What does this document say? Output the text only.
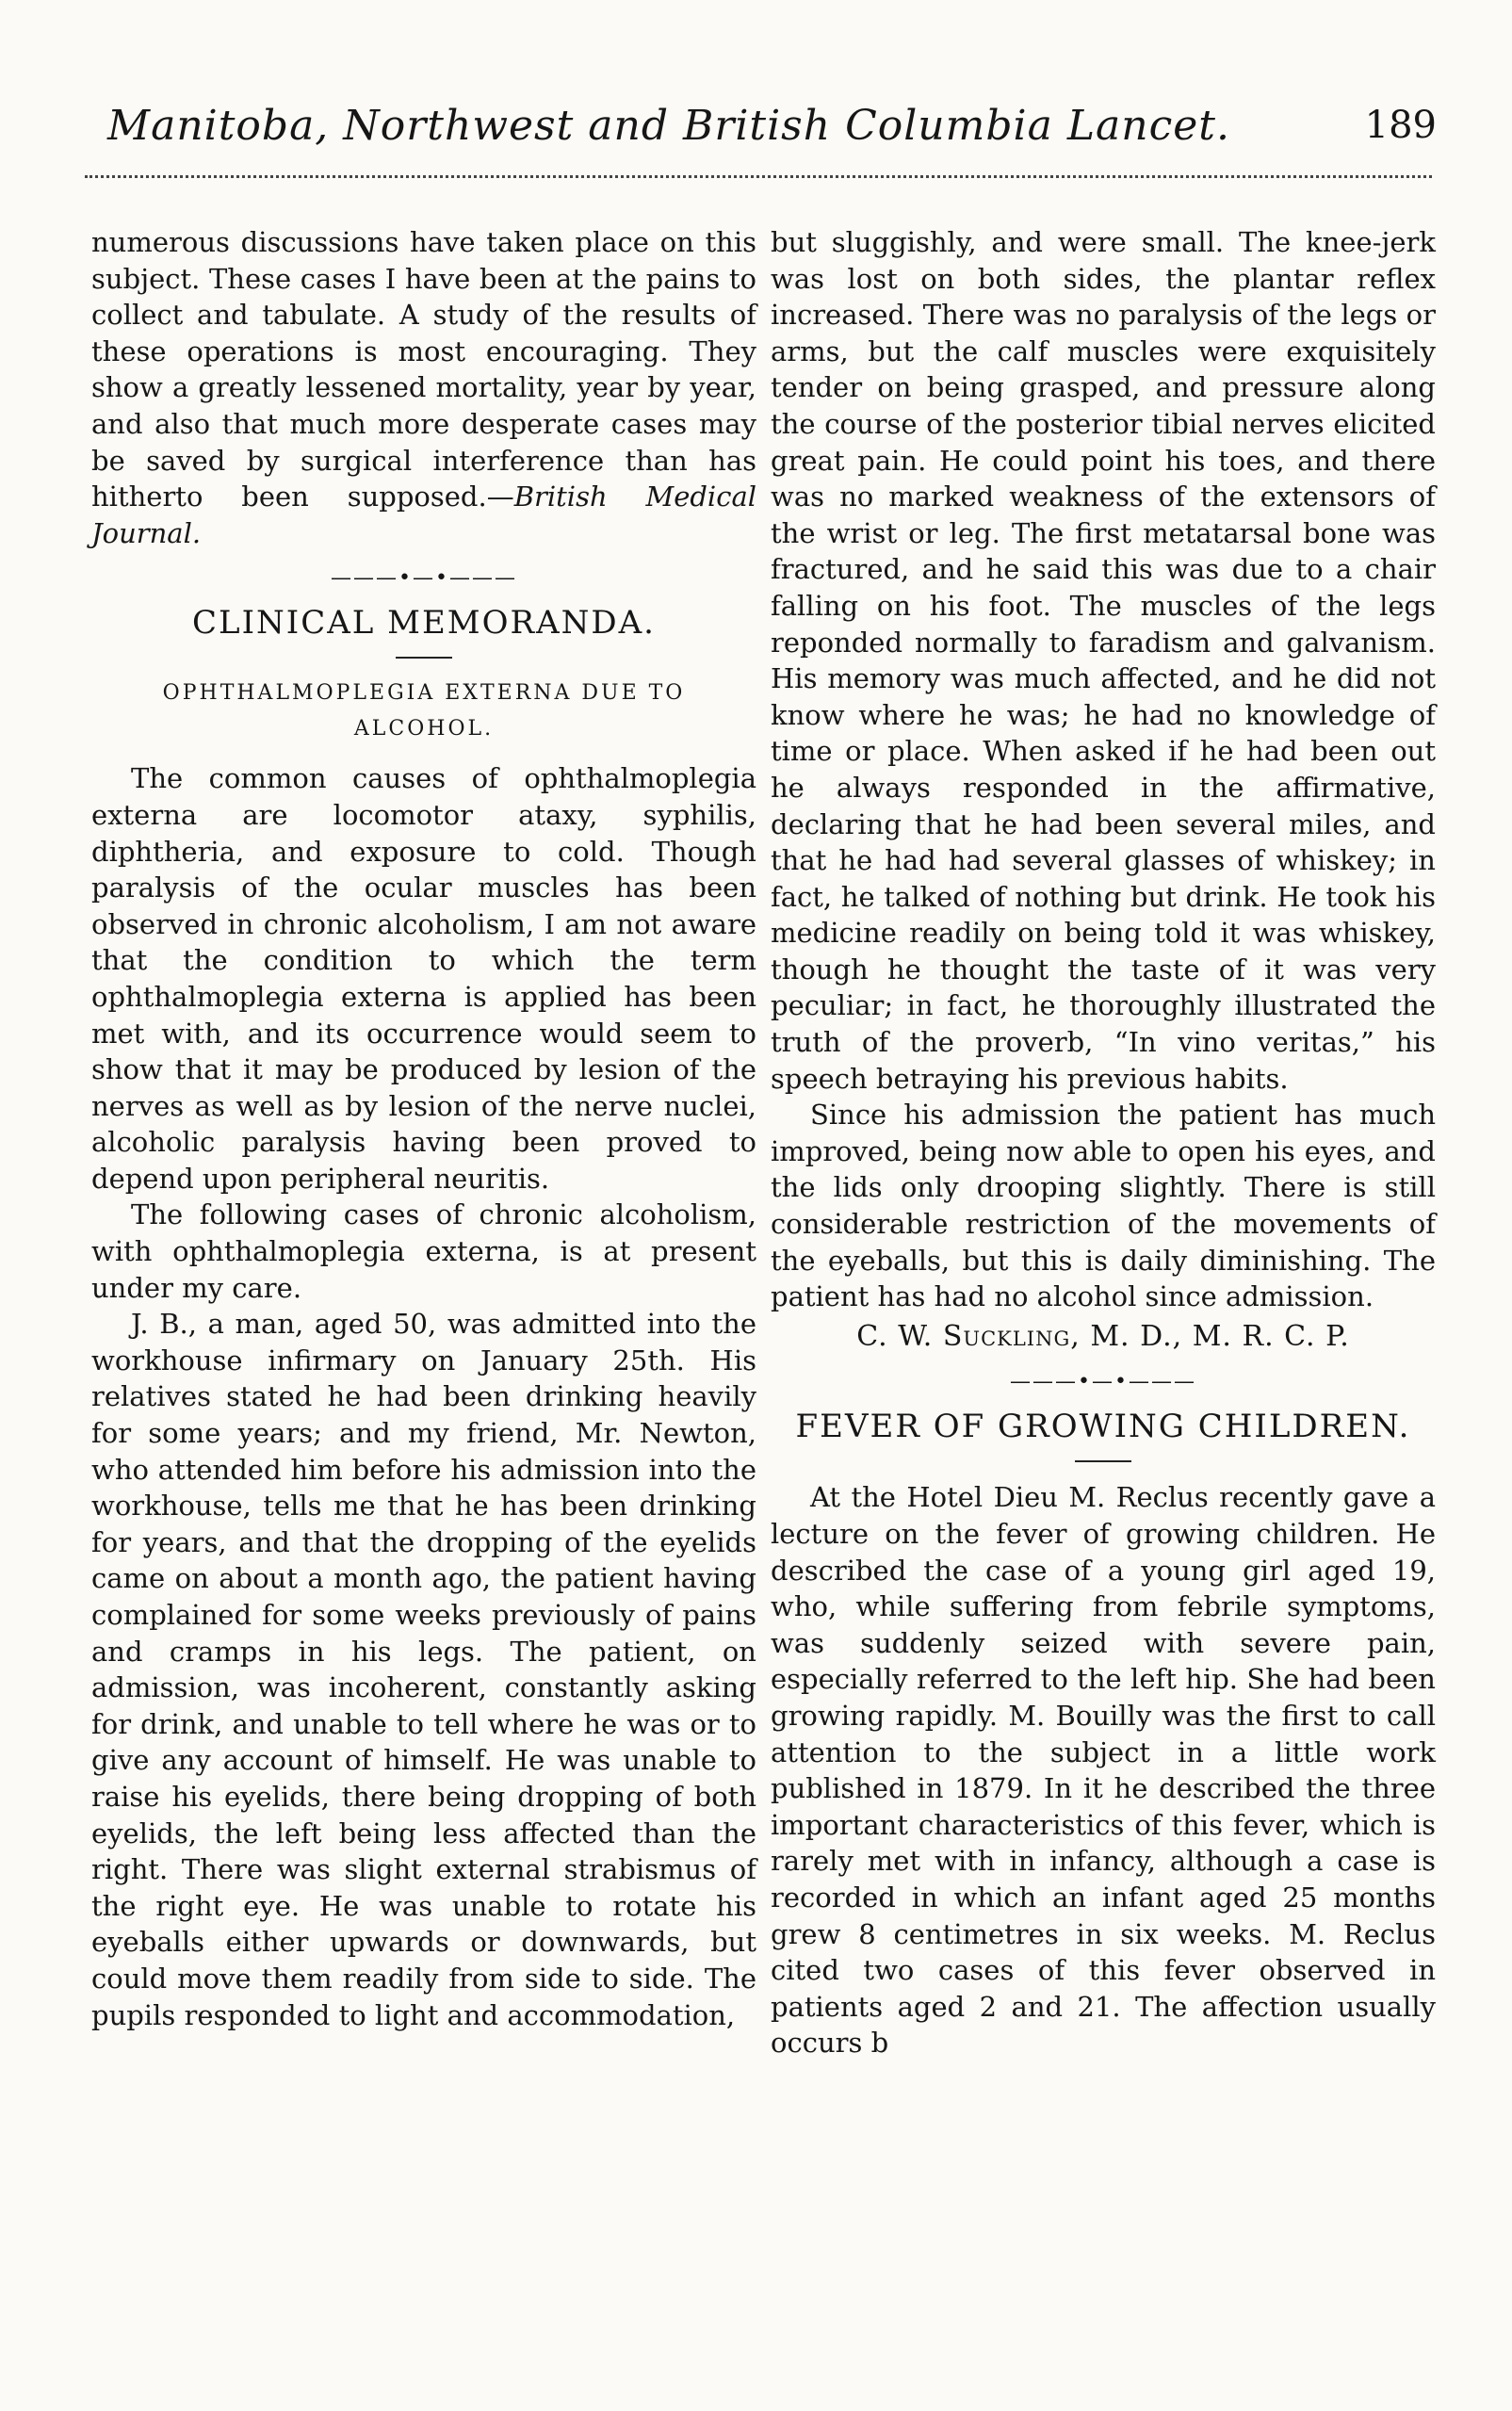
Manitoba, Northwest and British Columbia Lancet.	189

numerous discussions have taken place on this subject. These cases I have been at the pains to collect and tabulate. A study of the results of these operations is most encouraging. They show a greatly lessened mortality, year by year, and also that much more desperate cases may be saved by surgical interference than has hitherto been supposed.—British Medical Journal.

———•—•———
CLINICAL MEMORANDA.
OPHTHALMOPLEGIA EXTERNA DUE TO ALCOHOL.

The common causes of ophthalmoplegia externa are locomotor ataxy, syphilis, diphtheria, and exposure to cold. Though paralysis of the ocular muscles has been observed in chronic alcoholism, I am not aware that the condition to which the term ophthalmoplegia externa is applied has been met with, and its occurrence would seem to show that it may be produced by lesion of the nerves as well as by lesion of the nerve nuclei, alcoholic paralysis having been proved to depend upon peripheral neuritis.

The following cases of chronic alcoholism, with ophthalmoplegia externa, is at present under my care.

J. B., a man, aged 50, was admitted into the workhouse infirmary on January 25th. His relatives stated he had been drinking heavily for some years; and my friend, Mr. Newton, who attended him before his admission into the workhouse, tells me that he has been drinking for years, and that the dropping of the eyelids came on about a month ago, the patient having complained for some weeks previously of pains and cramps in his legs. The patient, on admission, was incoherent, constantly asking for drink, and unable to tell where he was or to give any account of himself. He was unable to raise his eyelids, there being dropping of both eyelids, the left being less affected than the right. There was slight external strabismus of the right eye. He was unable to rotate his eyeballs either upwards or downwards, but could move them readily from side to side. The pupils responded to light and accommodation,

but sluggishly, and were small. The knee-jerk was lost on both sides, the plantar reflex increased. There was no paralysis of the legs or arms, but the calf muscles were exquisitely tender on being grasped, and pressure along the course of the posterior tibial nerves elicited great pain. He could point his toes, and there was no marked weakness of the extensors of the wrist or leg. The first metatarsal bone was fractured, and he said this was due to a chair falling on his foot. The muscles of the legs reponded normally to faradism and galvanism. His memory was much affected, and he did not know where he was; he had no knowledge of time or place. When asked if he had been out he always responded in the affirmative, declaring that he had been several miles, and that he had had several glasses of whiskey; in fact, he talked of nothing but drink. He took his medicine readily on being told it was whiskey, though he thought the taste of it was very peculiar; in fact, he thoroughly illustrated the truth of the proverb, “In vino veritas,” his speech betraying his previous habits.

Since his admission the patient has much improved, being now able to open his eyes, and the lids only drooping slightly. There is still considerable restriction of the movements of the eyeballs, but this is daily diminishing. The patient has had no alcohol since admission.

C. W. Suckling, M. D., M. R. C. P.
———•—•———
FEVER OF GROWING CHILDREN.

At the Hotel Dieu M. Reclus recently gave a lecture on the fever of growing children. He described the case of a young girl aged 19, who, while suffering from febrile symptoms, was suddenly seized with severe pain, especially referred to the left hip. She had been growing rapidly. M. Bouilly was the first to call attention to the subject in a little work published in 1879. In it he described the three important characteristics of this fever, which is rarely met with in infancy, although a case is recorded in which an infant aged 25 months grew 8 centimetres in six weeks. M. Reclus cited two cases of this fever observed in patients aged 2 and 21. The affection usually occurs b
